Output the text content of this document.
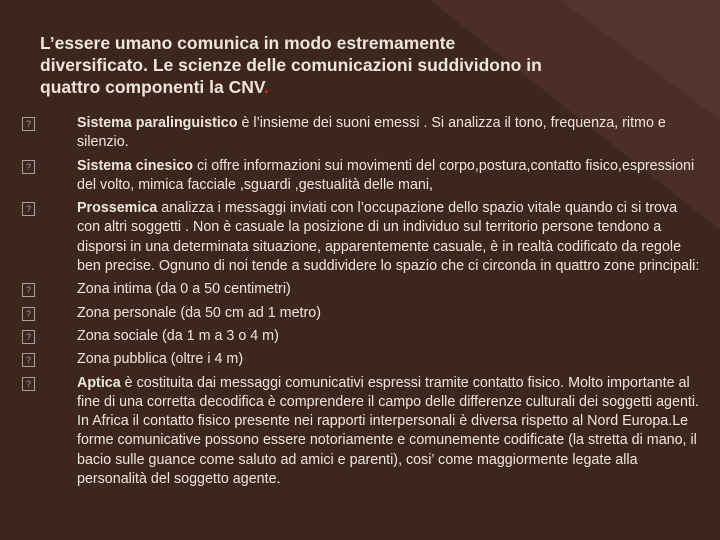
L’essere umano comunica in modo estremamente
diversificato. Le scienze delle comunicazioni suddividono in
quattro componenti la CNV.
?	Sistema paralinguistico è l’insieme dei suoni emessi . Si analizza il tono, frequenza, ritmo e silenzio.
?	Sistema cinesico ci offre informazioni sui movimenti del corpo,postura,contatto fisico,espressioni del volto, mimica facciale ,sguardi ,gestualità delle mani,
?	Prossemica analizza i messaggi inviati con l’occupazione dello spazio vitale quando ci si trova con altri soggetti . Non è casuale la posizione di un individuo sul territorio persone tendono a disporsi in una determinata situazione, apparentemente casuale, è in realtà codificato da regole ben precise. Ognuno di noi tende a suddividere lo spazio che ci circonda in quattro zone principali:
?	Zona intima (da 0 a 50 centimetri)
?	Zona personale (da 50 cm ad 1 metro)
?	Zona sociale (da 1 m a 3 o 4 m)
?	Zona pubblica (oltre i 4 m)
?	Aptica è costituita dai messaggi comunicativi espressi tramite contatto fisico. Molto importante al fine di una corretta decodifica è comprendere il campo delle differenze culturali dei soggetti agenti. In Africa il contatto fisico presente nei rapporti interpersonali è diversa rispetto al Nord Europa.Le forme comunicative possono essere notoriamente e comunemente codificate (la stretta di mano, il bacio sulle guance come saluto ad amici e parenti), cosi’ come maggiormente legate alla personalità del soggetto agente.
